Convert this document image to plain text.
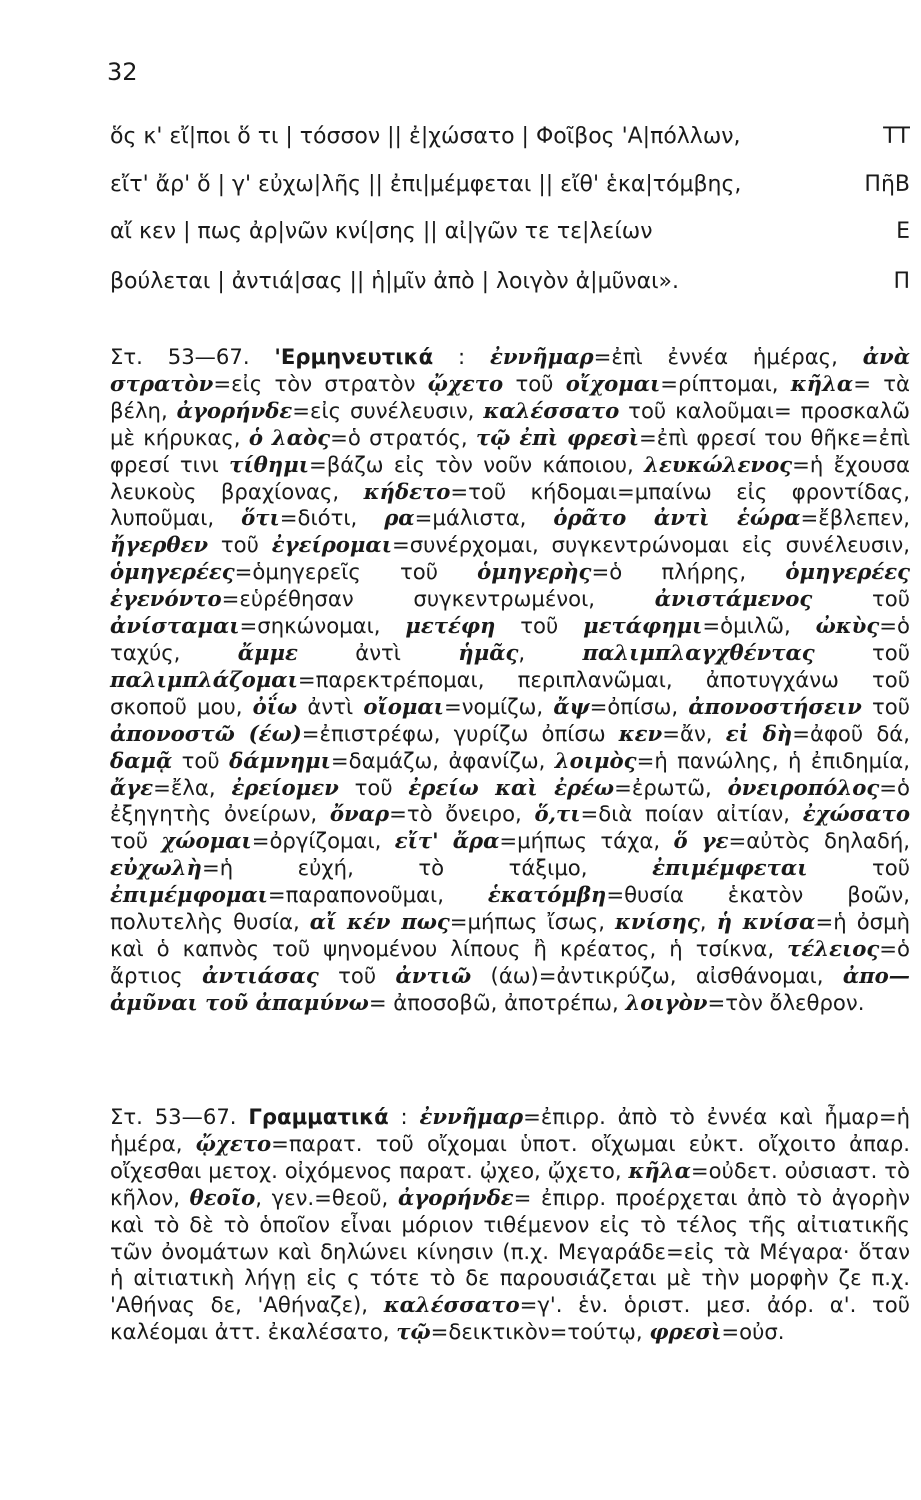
32
ὅς κ' εἴ|ποι ὅ τι | τόσσον || ἐ|χώσατο | Φοῖβος 'Α|πόλλων,	ΤΤ
εἴτ' ἄρ' ὅ | γ' εὐχω|λῆς || ἐπι|μέμφεται || εἴθ' ἑκα|τόμβης,	ΠῆΒ
αἴ κεν | πως ἀρ|νῶν κνί|σης || αἰ|γῶν τε τε|λείων	Ε
βούλεται | ἀντιά|σας || ἡ|μῖν ἀπὸ | λοιγὸν ἀ|μῦναι».	Π
Στ. 53—67. 'Ερμηνευτικά : ἐννῆμαρ=ἐπὶ ἐννέα ἡμέρας, ἀνὰ στρατὸν=εἰς τὸν στρατὸν ᾤχετο τοῦ οἴχομαι=ρίπτομαι, κῆλα= τὰ βέλη, ἀγορήνδε=εἰς συνέλευσιν, καλέσσατο τοῦ καλοῦμαι= προσκαλῶ μὲ κήρυκας, ὁ λαὸς=ὁ στρατός, τῷ ἐπὶ φρεσὶ=ἐπὶ φρεσί του θῆκε=ἐπὶ φρεσί τινι τίθημι=βάζω εἰς τὸν νοῦν κάποιου, λευκώλενος=ἡ ἔχουσα λευκοὺς βραχίονας, κήδετο=τοῦ κήδομαι=μπαίνω εἰς φροντίδας, λυποῦμαι, ὅτι=διότι, ρα=μάλιστα, ὁρᾶτο ἀντὶ ἑώρα=ἔβλεπεν, ἤγερθεν τοῦ ἐγείρομαι=συνέρχομαι, συγκεντρώνομαι εἰς συνέλευσιν, ὁμηγερέες=ὁμηγερεῖς τοῦ ὁμηγερὴς=ὁ πλήρης, ὁμηγερέες ἐγενόντο=εὑρέθησαν συγκεντρωμένοι, ἀνιστάμενος τοῦ ἀνίσταμαι=σηκώνομαι, μετέφη τοῦ μετάφημι=ὁμιλῶ, ὠκὺς=ὁ ταχύς, ἄμμε ἀντὶ ἡμᾶς, παλιμπλαγχθέντας τοῦ παλιμπλάζομαι=παρεκτρέπομαι, περιπλανῶμαι, ἀποτυγχάνω τοῦ σκοποῦ μου, ὀΐω ἀντὶ οἴομαι=νομίζω, ἄψ=ὀπίσω, ἀπονοστήσειν τοῦ ἀπονοστῶ (έω)=ἐπιστρέφω, γυρίζω ὀπίσω κεν=ἄν, εἰ δὴ=ἀφοῦ δά, δαμᾷ τοῦ δάμνημι=δαμάζω, ἀφανίζω, λοιμὸς=ἡ πανώλης, ἡ ἐπιδημία, ἄγε=ἔλα, ἐρείομεν τοῦ ἐρείω καὶ ἐρέω=ἐρωτῶ, ὀνειροπόλος=ὁ ἐξηγητὴς ὀνείρων, ὄναρ=τὸ ὄνειρο, ὅ,τι=διὰ ποίαν αἰτίαν, ἐχώσατο τοῦ χώομαι=ὀργίζομαι, εἴτ' ἄρα=μήπως τάχα, ὅ γε=αὐτὸς δηλαδή, εὐχωλὴ=ἡ εὐχή, τὸ τάξιμο, ἐπιμέμφεται τοῦ ἐπιμέμφομαι=παραπονοῦμαι, ἑκατόμβη=θυσία ἑκατὸν βοῶν, πολυτελὴς θυσία, αἴ κέν πως=μήπως ἴσως, κνίσης, ἡ κνίσα=ἡ ὀσμὴ καὶ ὁ καπνὸς τοῦ ψηνομένου λίπους ἢ κρέατος, ἡ τσίκνα, τέλειος=ὁ ἄρτιος ἀντιάσας τοῦ ἀντιῶ (άω)=ἀντικρύζω, αἰσθάνομαι, ἀπο—ἀμῦναι τοῦ ἀπαμύνω= ἀποσοβῶ, ἀποτρέπω, λοιγὸν=τὸν ὄλεθρον.
Στ. 53—67. Γραμματικά : ἐννῆμαρ=ἐπιρρ. ἀπὸ τὸ ἐννέα καὶ ἦμαρ=ἡ ἡμέρα, ᾤχετο=παρατ. τοῦ οἴχομαι ὑποτ. οἴχωμαι εὐκτ. οἴχοιτο ἀπαρ. οἴχεσθαι μετοχ. οἰχόμενος παρατ. ᾠχεο, ᾤχετο, κῆλα=οὐδετ. οὐσιαστ. τὸ κῆλον, θεοῖο, γεν.=θεοῦ, ἀγορήνδε= ἐπιρρ. προέρχεται ἀπὸ τὸ ἀγορὴν καὶ τὸ δὲ τὸ ὁποῖον εἶναι μόριον τιθέμενον εἰς τὸ τέλος τῆς αἰτιατικῆς τῶν ὀνομάτων καὶ δηλώνει κίνησιν (π.χ. Μεγαράδε=εἰς τὰ Μέγαρα· ὅταν ἡ αἰτιατικὴ λήγῃ εἰς ς τότε τὸ δε παρουσιάζεται μὲ τὴν μορφὴν ζε π.χ. 'Αθήνας δε, 'Αθήναζε), καλέσσατο=γ'. ἑν. ὁριστ. μεσ. ἀόρ. α'. τοῦ καλέομαι ἀττ. ἐκαλέσατο, τῷ=δεικτικὸν=τούτῳ, φρεσὶ=οὐσ.
